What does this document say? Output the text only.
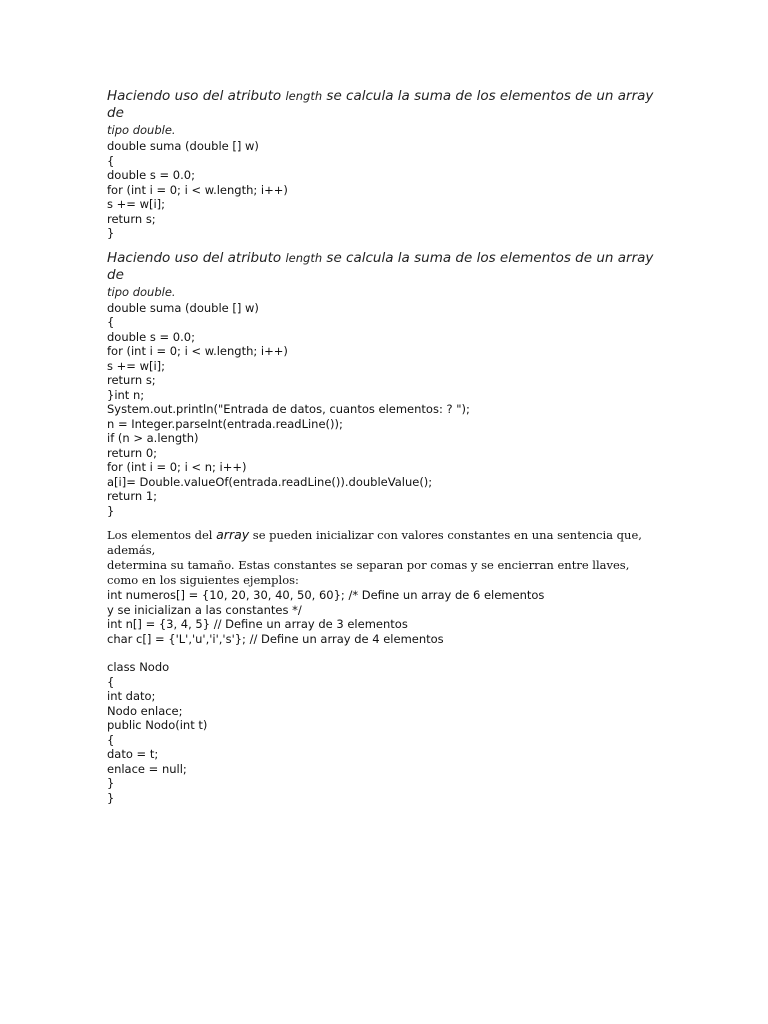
Haciendo uso del atributo length se calcula la suma de los elementos de un array de
tipo double.
double suma (double [] w)
{
double s = 0.0;
for (int i = 0; i < w.length; i++)
s += w[i];
return s;
}
Haciendo uso del atributo length se calcula la suma de los elementos de un array de
tipo double.
double suma (double [] w)
{
double s = 0.0;
for (int i = 0; i < w.length; i++)
s += w[i];
return s;
}int n;
System.out.println("Entrada de datos, cuantos elementos: ? ");
n = Integer.parseInt(entrada.readLine());
if (n > a.length)
return 0;
for (int i = 0; i < n; i++)
a[i]= Double.valueOf(entrada.readLine()).doubleValue();
return 1;
}
Los elementos del array se pueden inicializar con valores constantes en una sentencia que, además,
determina su tamaño. Estas constantes se separan por comas y se encierran entre llaves,
como en los siguientes ejemplos:
int numeros[] = {10, 20, 30, 40, 50, 60}; /* Define un array de 6 elementos
y se inicializan a las constantes */
int n[] = {3, 4, 5} // Define un array de 3 elementos
char c[] = {'L','u','i','s'}; // Define un array de 4 elementos
class Nodo
{
int dato;
Nodo enlace;
public Nodo(int t)
{
dato = t;
enlace = null;
}
}
